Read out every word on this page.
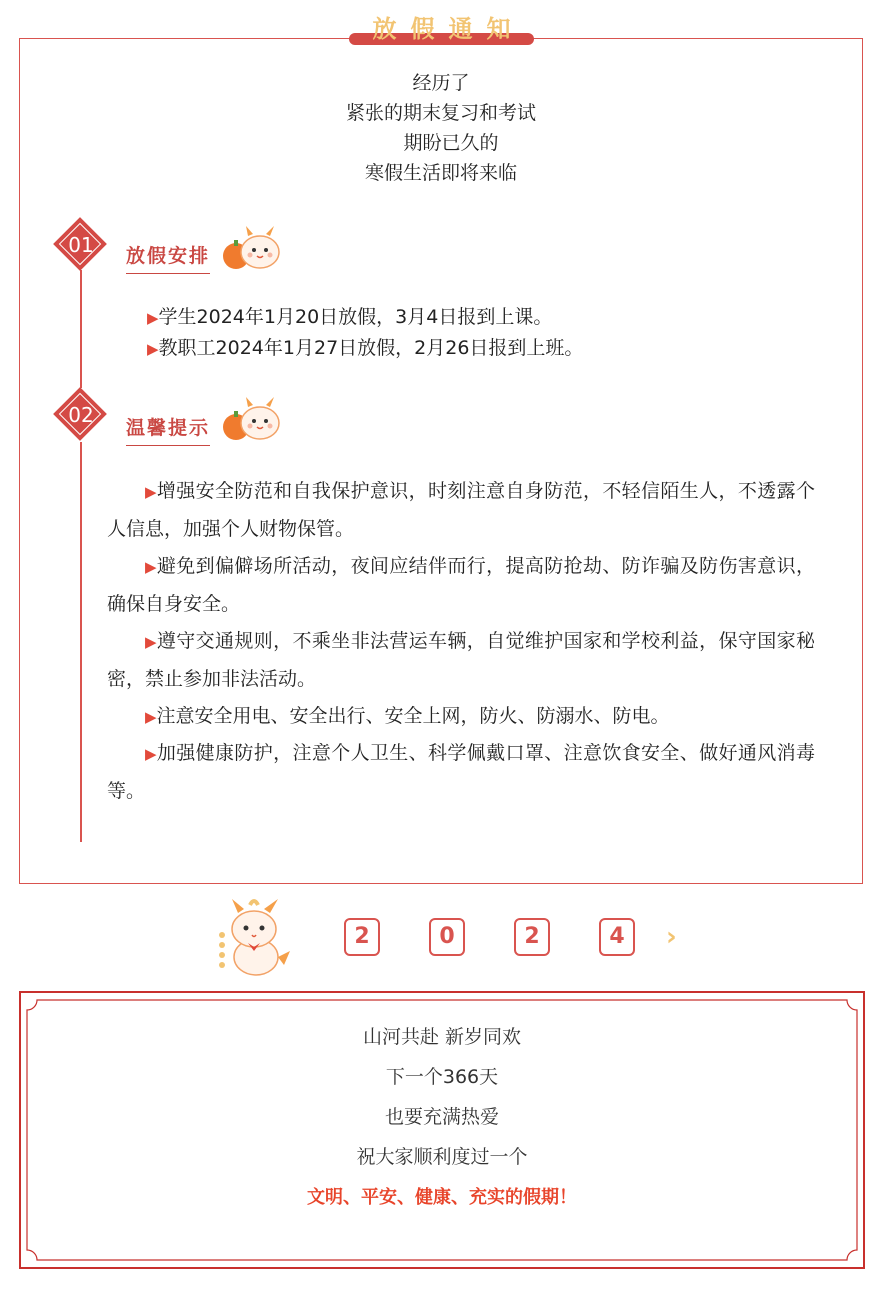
放假通知
经历了
紧张的期末复习和考试
期盼已久的
寒假生活即将来临
01	放假安排
▶学生2024年1月20日放假，3月4日报到上课。
▶教职工2024年1月27日放假，2月26日报到上班。
02
温馨提示
▶增强安全防范和自我保护意识，时刻注意自身防范，不轻信陌生人，不透露个人信息，加强个人财物保管。
▶避免到偏僻场所活动，夜间应结伴而行，提高防抢劫、防诈骗及防伤害意识，确保自身安全。
▶遵守交通规则，不乘坐非法营运车辆，自觉维护国家和学校利益，保守国家秘密，禁止参加非法活动。
▶注意安全用电、安全出行、安全上网，防火、防溺水、防电。
▶加强健康防护，注意个人卫生、科学佩戴口罩、注意饮食安全、做好通风消毒等。
2	0	2	4	›
山河共赴 新岁同欢
下一个366天
也要充满热爱
祝大家顺利度过一个
文明、平安、健康、充实的假期！
